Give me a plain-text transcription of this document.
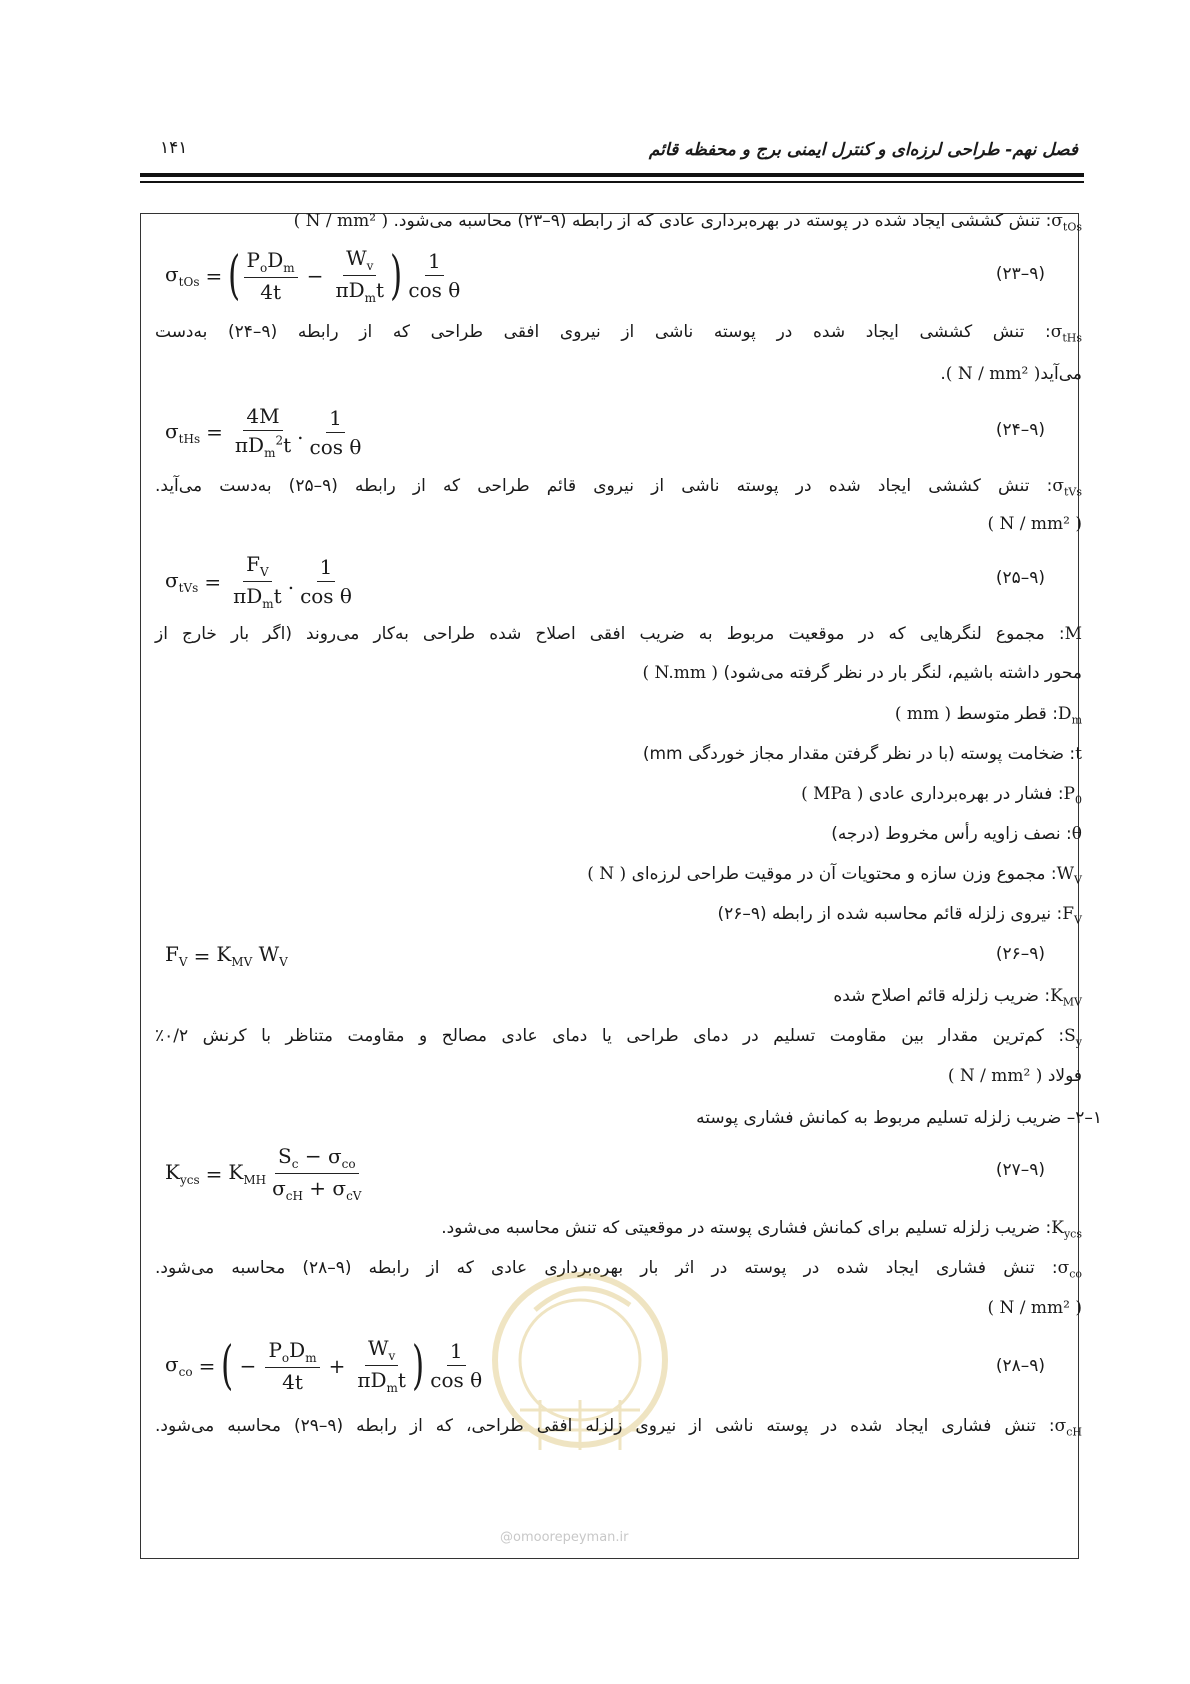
فصل نهم- طراحی لرزه‌ای و کنترل ایمنی برج و محفظه قائم
۱۴۱
$\sigma_{tOs}$: تنش کششی ایجاد شده در پوسته در بهره‌برداری عادی که از رابطه (۹–۲۳) محاسبه می‌شود. ( N / mm² )
$\sigma_{tOs}$ = ( $\frac{P_oD_m}{4t} - \frac{W_v}{\pi D_mt}$ ) $\frac{1}{\text{cos θ}}$	(۹–۲۳)
$\sigma_{tHs}$: تنش کششی ایجاد شده در پوسته ناشی از نیروی افقی طراحی که از رابطه (۹–۲۴) به‌دست
می‌آید( N / mm² ).
$\sigma_{tHs} = \frac{4M}{\pi D_m^2t}$ . $\frac{1}{\text{cos θ}}$	(۹–۲۴)
$\sigma_{tVs}$: تنش کششی ایجاد شده در پوسته ناشی از نیروی قائم طراحی که از رابطه (۹–۲۵) به‌دست می‌آید.
( N / mm² )
$\sigma_{tVs} = \frac{F_V}{\pi D_mt}$ . $\frac{1}{\text{cos θ}}$	(۹–۲۵)
M: مجموع لنگرهایی که در موقعیت مربوط به ضریب افقی اصلاح شده طراحی به‌کار می‌روند (اگر بار خارج از
محور داشته باشیم، لنگر بار در نظر گرفته می‌شود) ( N.mm )
$D_m$: قطر متوسط ( mm )
t: ضخامت پوسته (با در نظر گرفتن مقدار مجاز خوردگی mm)
$P_0$: فشار در بهره‌برداری عادی ( MPa )
θ: نصف زاویه رأس مخروط (درجه)
$W_V$: مجموع وزن سازه و محتویات آن در موقیت طراحی لرزه‌ای ( N )
$F_V$: نیروی زلزله قائم محاسبه شده از رابطه (۹–۲۶)
$F_V = K_{MV}$ $W_V$	(۹–۲۶)
$K_{MV}$: ضریب زلزله قائم اصلاح شده
$S_y$: کم‌ترین مقدار بین مقاومت تسلیم در دمای طراحی یا دمای عادی مصالح و مقاومت متناظر با کرنش ۰/۲٪
فولاد ( N / mm² )
۱–۲– ضریب زلزله تسلیم مربوط به کمانش فشاری پوسته
$K_{ycs} = K_{MH} \frac{S_c - \sigma_{co}}{\sigma_{cH} + \sigma_{cV}}$	(۹–۲۷)
$K_{ycs}$: ضریب زلزله تسلیم برای کمانش فشاری پوسته در موقعیتی که تنش محاسبه می‌شود.
$\sigma_{co}$: تنش فشاری ایجاد شده در پوسته در اثر بار بهره‌برداری عادی که از رابطه (۹–۲۸) محاسبه می‌شود.
( N / mm² )
$\sigma_{co}$ = ( − $\frac{P_oD_m}{4t} + \frac{W_v}{\pi D_mt}$ ) $\frac{1}{\text{cos θ}}$	(۹–۲۸)
$\sigma_{cH}$: تنش فشاری ایجاد شده در پوسته ناشی از نیروی زلزله افقی طراحی، که از رابطه (۹–۲۹) محاسبه می‌شود.
@omoorepeyman.ir
